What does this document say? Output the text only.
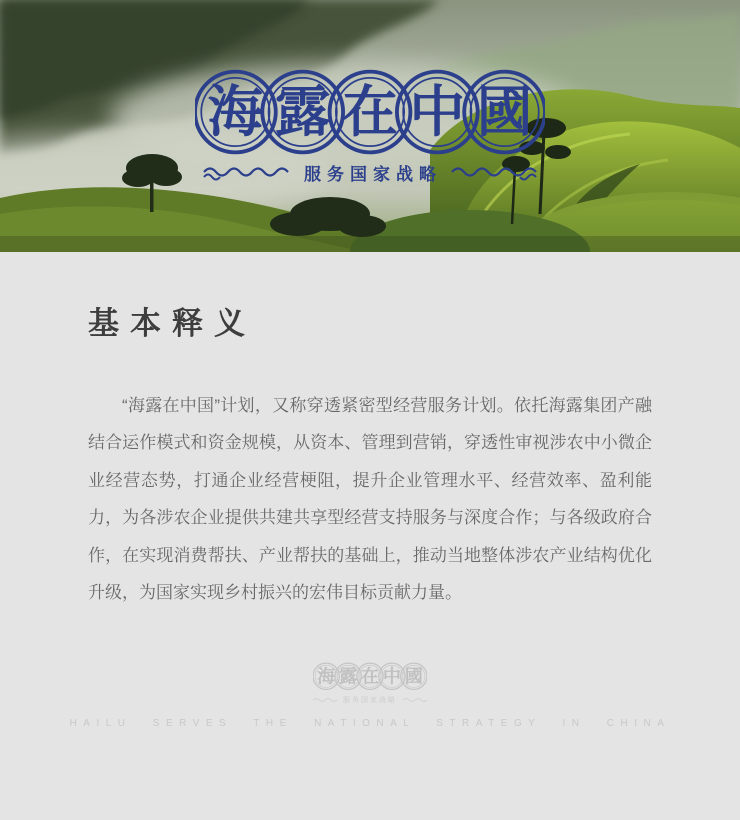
海 露 在 中 國
服务国家战略
基本释义

“海露在中国”计划，又称穿透紧密型经营服务计划。依托海露集团产融结合运作模式和资金规模，从资本、管理到营销，穿透性审视涉农中小微企业经营态势，打通企业经营梗阻，提升企业管理水平、经营效率、盈利能力，为各涉农企业提供共建共享型经营支持服务与深度合作；与各级政府合作，在实现消费帮扶、产业帮扶的基础上，推动当地整体涉农产业结构优化升级，为国家实现乡村振兴的宏伟目标贡献力量。

海 露 在 中 國
服务国家战略
HAILU SERVES THE NATIONAL STRATEGY IN CHINA
